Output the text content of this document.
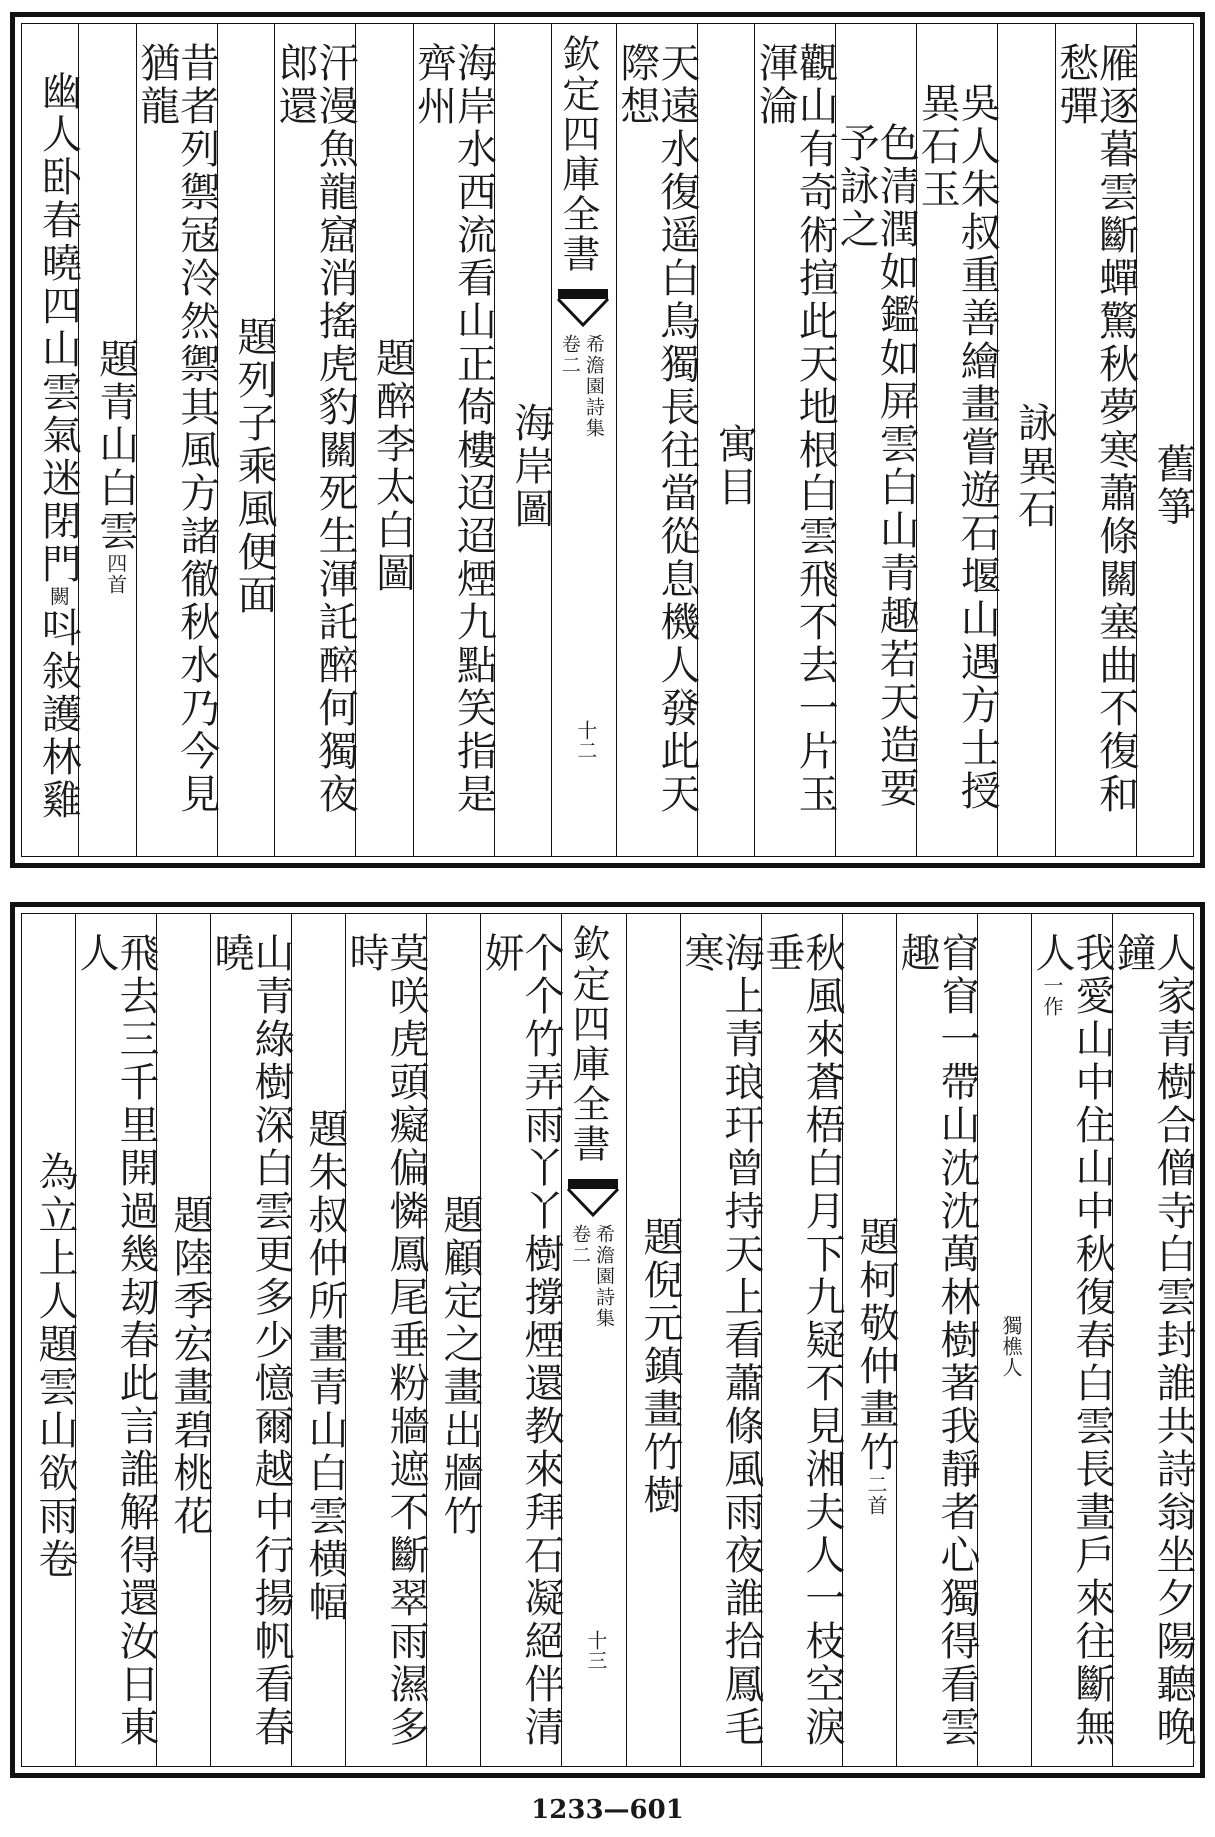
舊箏
雁逐暮雲斷蟬驚秋夢寒蕭條關塞曲不復和愁彈
詠異石
吳人朱叔重善繪畫嘗遊石堰山遇方士授異石玉
色清潤如鑑如屏雲白山青趣若天造要予詠之
觀山有奇術揎此天地根白雲飛不去一片玉渾淪
寓目
天遠水復遥白鳥獨長往當從息機人發此天際想
欽定四庫全書
希澹園詩集
卷二
十二
海岸圖
海岸水西流看山正倚樓迢迢煙九點笑指是齊州
題醉李太白圖
汗漫魚龍窟消搖虎豹關死生渾託醉何獨夜郎還
題列子乘風便面
昔者列禦冦泠然禦其風方諸徹秋水乃今見猶龍
題青山白雲四首
幽人卧春曉四山雲氣迷閉門闕呌敍護林雞
人家青樹合僧寺白雲封誰共詩翁坐夕陽聽晚鐘
我愛山中住山中秋復春白雲長晝戶來往斷無人一作
獨樵人
窅窅一帶山沈沈萬林樹著我靜者心獨得看雲趣
題柯敬仲畫竹二首
秋風來蒼梧白月下九疑不見湘夫人一枝空淚垂
海上青琅玕曾持天上看蕭條風雨夜誰拾鳳毛寒
題倪元鎮畫竹樹
欽定四庫全書
希澹園詩集
卷二
十三
个个竹弄雨丫丫樹撐煙還教來拜石凝絕伴清妍
題顧定之畫出牆竹
莫咲虎頭癡偏憐鳳尾垂粉牆遮不斷翠雨濕多時
題朱叔仲所畫青山白雲横幅
山青綠樹深白雲更多少憶爾越中行揚帆看春曉
題陸季宏畫碧桃花
飛去三千里開過幾刼春此言誰解得還汝日東人
為立上人題雲山欲雨卷
1233—601
